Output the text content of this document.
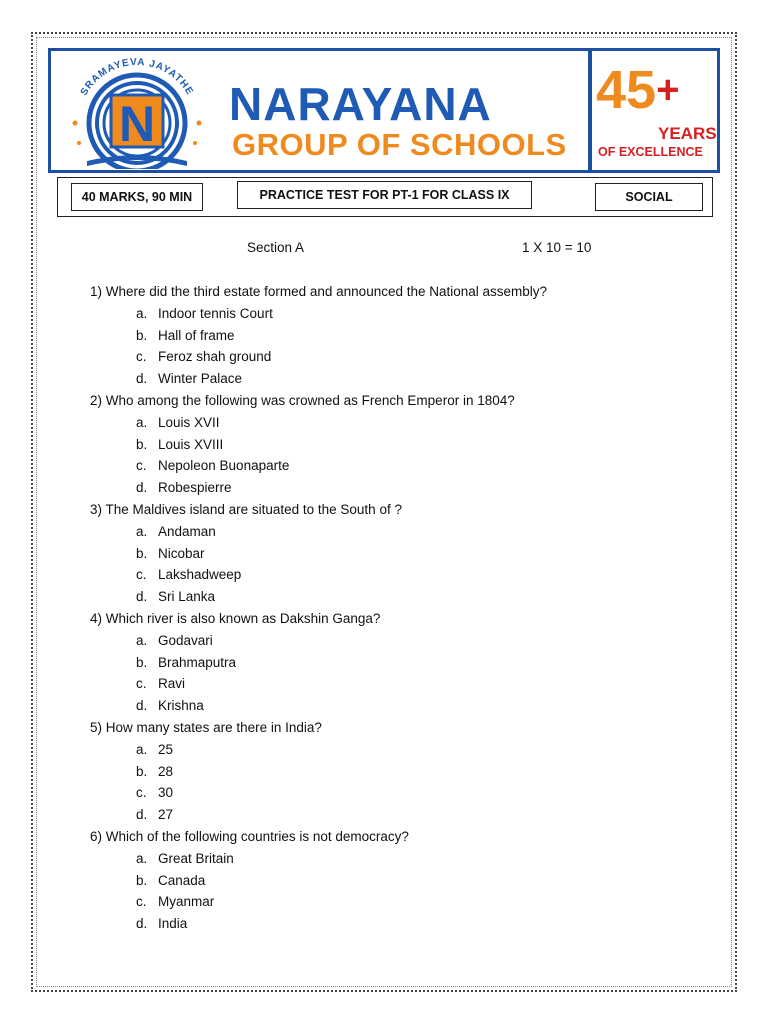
N
SRAMAYEVA JAYATHE NARAYANA
GROUP OF SCHOOLS
45+
YEARS
OF EXCELLENCE
40 MARKS, 90 MIN	PRACTICE TEST FOR PT-1 FOR CLASS IX	SOCIAL
Section A	1 X 10 = 10
1) Where did the third estate formed and announced the National assembly?
a. Indoor tennis Court
b. Hall of frame
c. Feroz shah ground
d. Winter Palace
2) Who among the following was crowned as French Emperor in 1804?
a. Louis XVII
b. Louis XVIII
c. Nepoleon Buonaparte
d. Robespierre
3) The Maldives island are situated to the South of ?
a. Andaman
b. Nicobar
c. Lakshadweep
d. Sri Lanka
4) Which river is also known as Dakshin Ganga?
a. Godavari
b. Brahmaputra
c. Ravi
d. Krishna
5) How many states are there in India?
a. 25
b. 28
c. 30
d. 27
6) Which of the following countries is not democracy?
a. Great Britain
b. Canada
c. Myanmar
d. India
